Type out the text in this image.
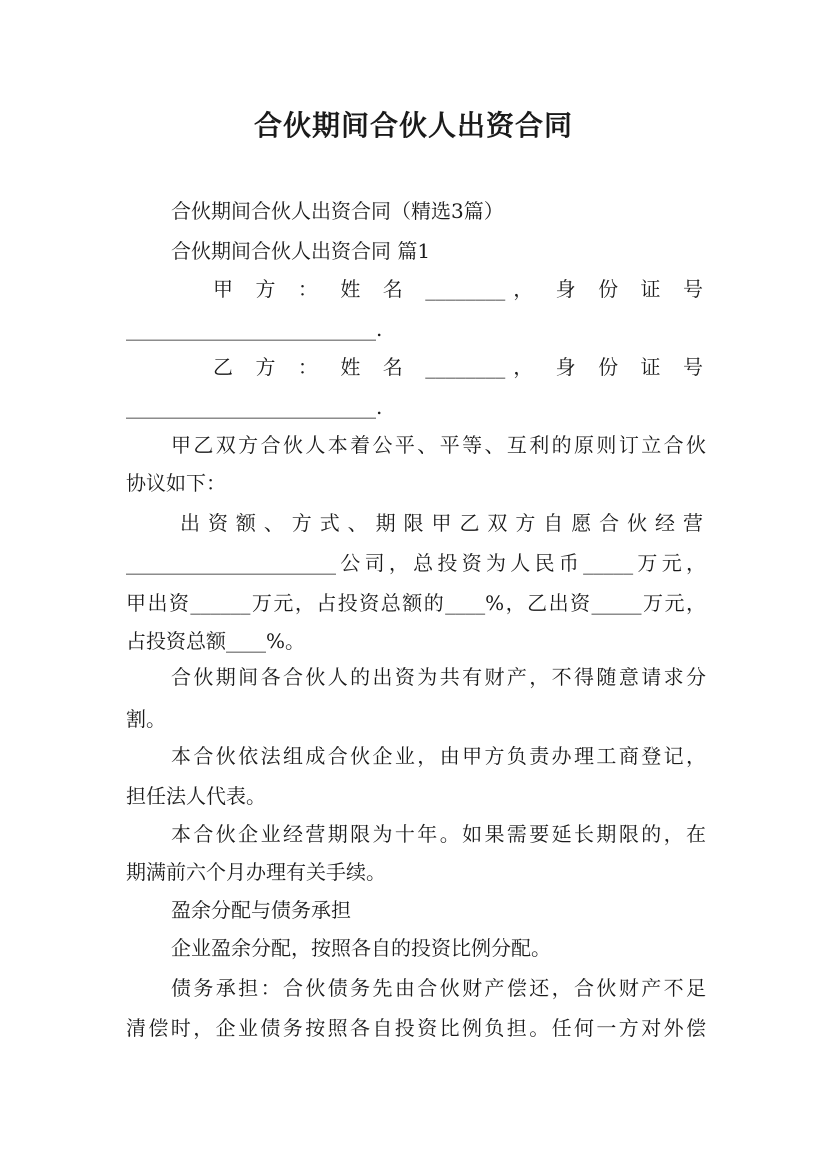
合伙期间合伙人出资合同
合伙期间合伙人出资合同（精选3篇）
合伙期间合伙人出资合同 篇1
甲 方 ： 姓 名 ________， 身 份 证 号
_________________________.
乙 方 ： 姓 名 ________， 身 份 证 号
_________________________.
甲乙双方合伙人本着公平、平等、互利的原则订立合伙
协议如下：
出 资 额 、 方 式 、 期 限 甲 乙 双 方 自 愿 合 伙 经 营
_____________________公司，总投资为人民币_____万元，
甲出资______万元，占投资总额的____%，乙出资_____万元，
占投资总额____%。
合伙期间各合伙人的出资为共有财产，不得随意请求分
割。
本合伙依法组成合伙企业，由甲方负责办理工商登记，
担任法人代表。
本合伙企业经营期限为十年。如果需要延长期限的，在
期满前六个月办理有关手续。
盈余分配与债务承担
企业盈余分配，按照各自的投资比例分配。
债务承担：合伙债务先由合伙财产偿还，合伙财产不足
清偿时，企业债务按照各自投资比例负担。任何一方对外偿
